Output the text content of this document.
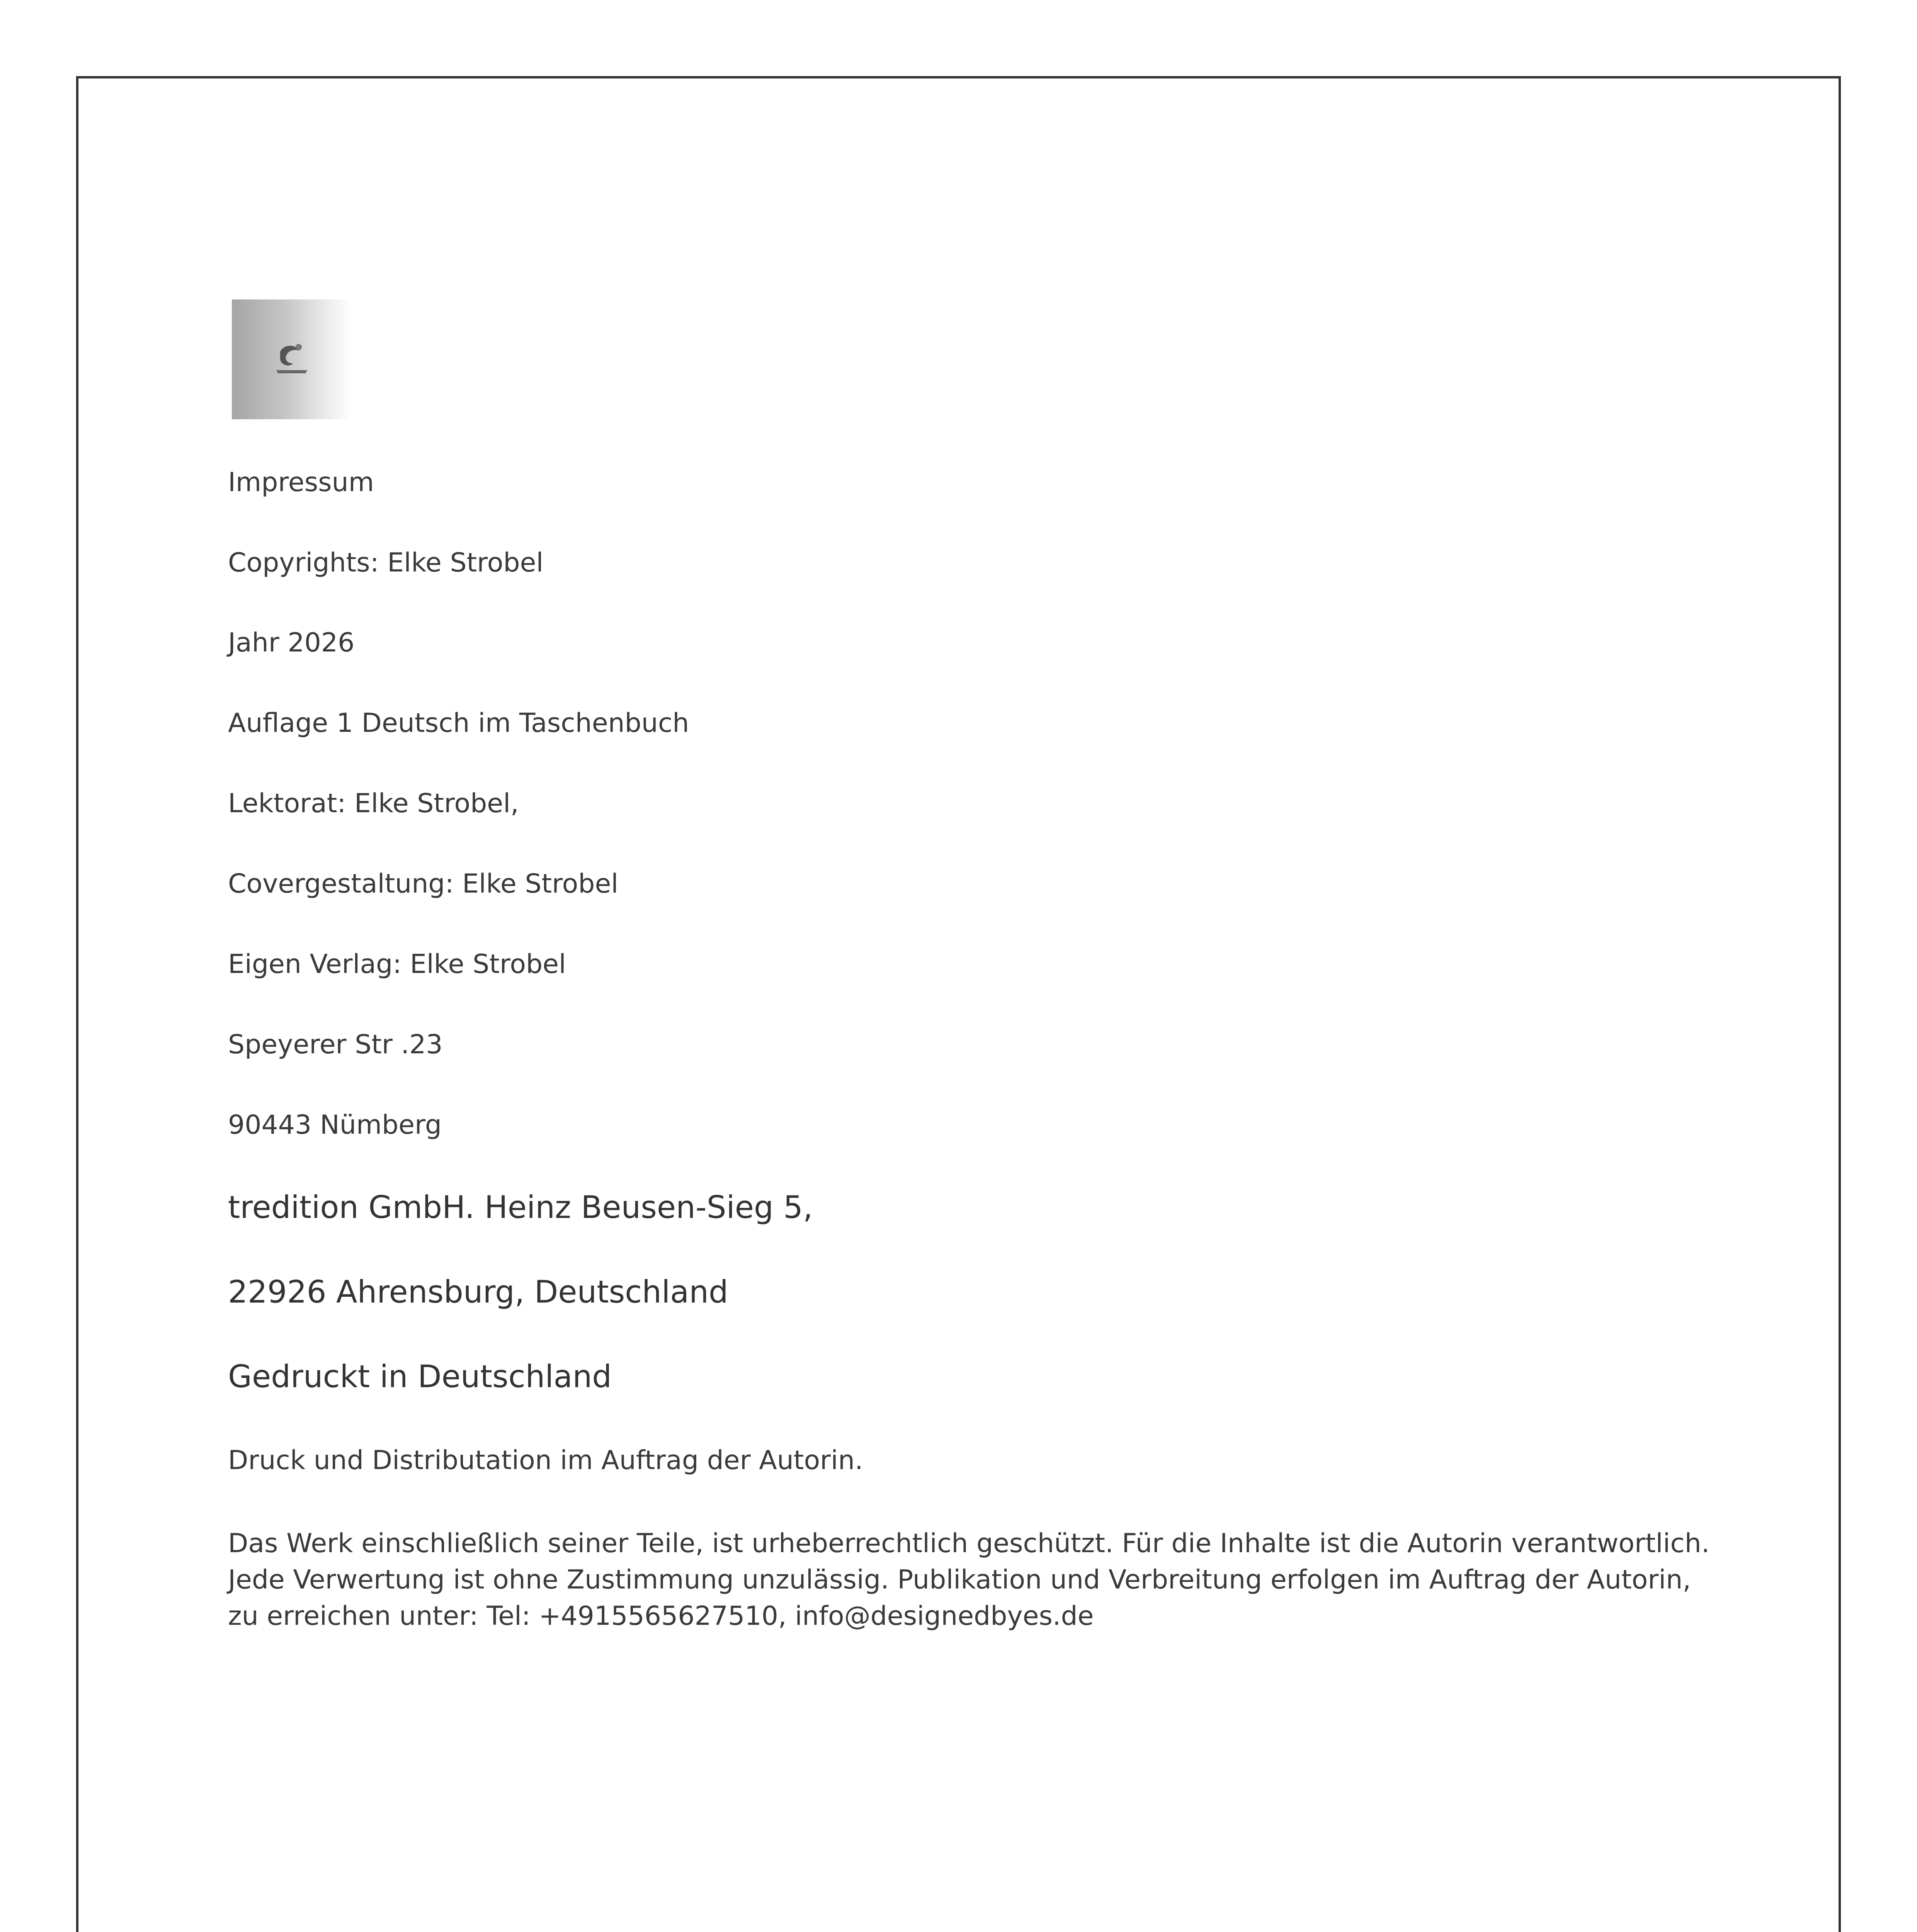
Impressum

Copyrights: Elke Strobel

Jahr 2026

Auflage 1 Deutsch im Taschenbuch

Lektorat: Elke Strobel,

Covergestaltung: Elke Strobel

Eigen Verlag: Elke Strobel

Speyerer Str .23

90443 Nümberg

tredition GmbH. Heinz Beusen-Sieg 5,

22926 Ahrensburg, Deutschland

Gedruckt in Deutschland

Druck und Distributation im Auftrag der Autorin.

Das Werk einschließlich seiner Teile, ist urheberrechtlich geschützt. Für die Inhalte ist die Autorin verantwortlich. Jede Verwertung ist ohne Zustimmung unzulässig. Publikation und Verbreitung erfolgen im Auftrag der Autorin, zu erreichen unter: Tel: +4915565627510, info@designedbyes.de
